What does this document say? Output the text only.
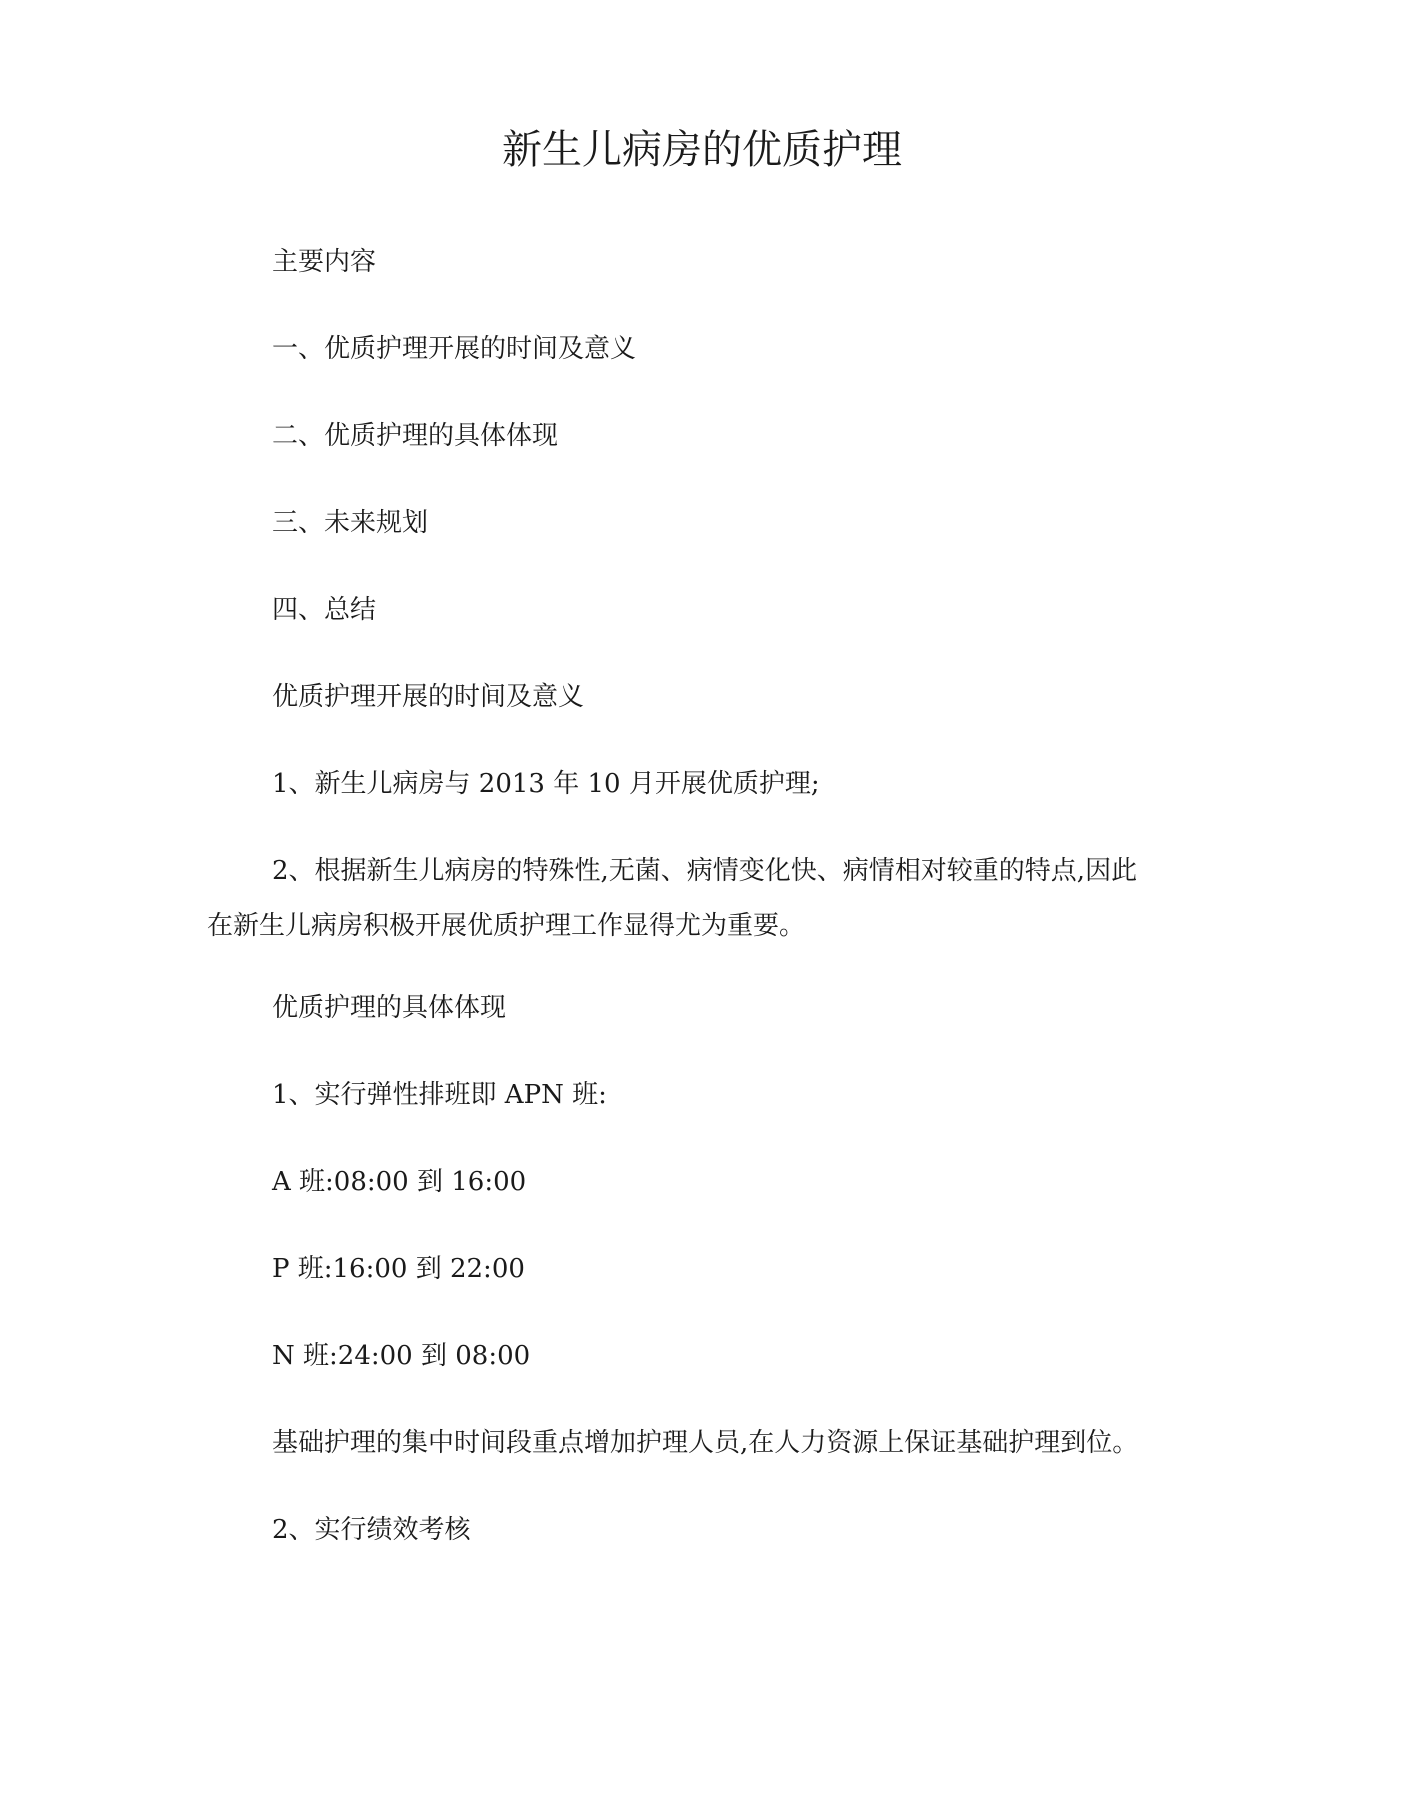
新生儿病房的优质护理
主要内容
一、优质护理开展的时间及意义
二、优质护理的具体体现
三、未来规划
四、总结
优质护理开展的时间及意义
1、新生儿病房与 2013 年 10 月开展优质护理;
2、根据新生儿病房的特殊性,无菌、病情变化快、病情相对较重的特点,因此
在新生儿病房积极开展优质护理工作显得尤为重要。
优质护理的具体体现
1、实行弹性排班即 APN 班:
A 班:08:00 到 16:00
P 班:16:00 到 22:00
N 班:24:00 到 08:00
基础护理的集中时间段重点增加护理人员,在人力资源上保证基础护理到位。
2、实行绩效考核
